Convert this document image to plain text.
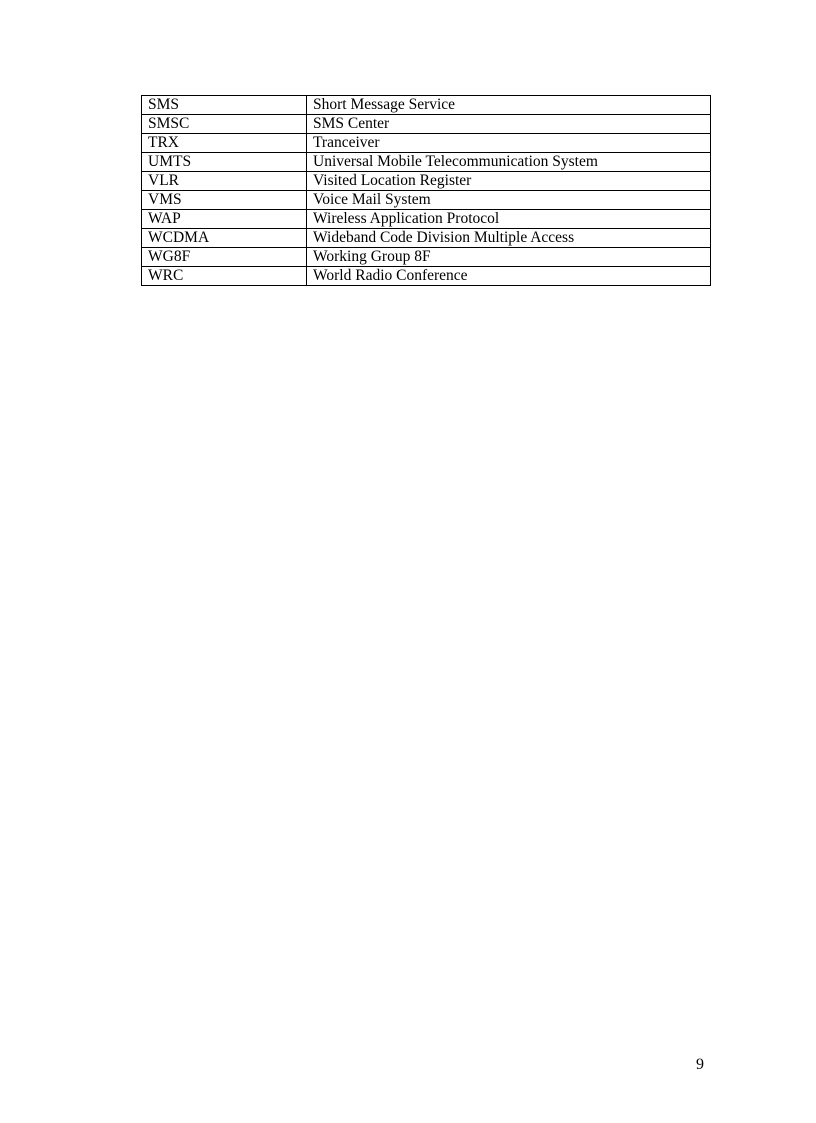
SMS	Short Message Service
SMSC	SMS Center
TRX	Tranceiver
UMTS	Universal Mobile Telecommunication System
VLR	Visited Location Register
VMS	Voice Mail System
WAP	Wireless Application Protocol
WCDMA	Wideband Code Division Multiple Access
WG8F	Working Group 8F
WRC	World Radio Conference
9
